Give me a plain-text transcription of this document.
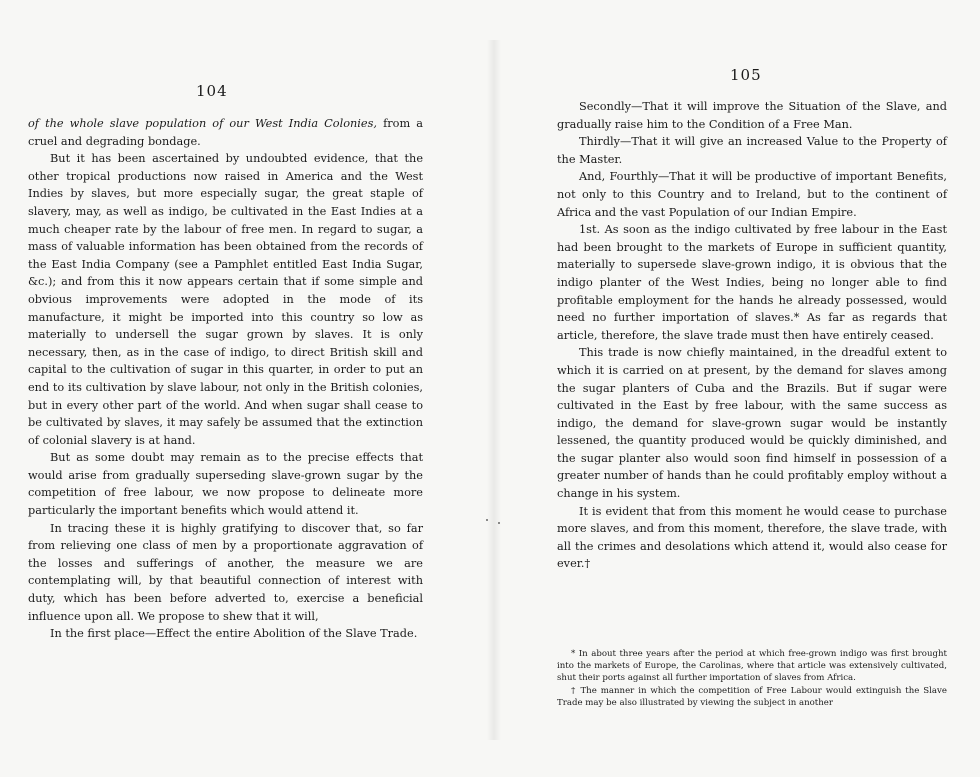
104

of the whole slave population of our West India Colonies, from a cruel and degrading bondage.

But it has been ascertained by undoubted evidence, that the other tropical productions now raised in America and the West Indies by slaves, but more especially sugar, the great staple of slavery, may, as well as indigo, be cultivated in the East Indies at a much cheaper rate by the labour of free men. In regard to sugar, a mass of valuable information has been obtained from the records of the East India Company (see a Pamphlet entitled East India Sugar, &c.); and from this it now appears certain that if some simple and obvious improvements were adopted in the mode of its manufacture, it might be imported into this country so low as materially to undersell the sugar grown by slaves. It is only necessary, then, as in the case of indigo, to direct British skill and capital to the cultivation of sugar in this quarter, in order to put an end to its cultivation by slave labour, not only in the British colonies, but in every other part of the world. And when sugar shall cease to be cultivated by slaves, it may safely be assumed that the extinction of colonial slavery is at hand.

But as some doubt may remain as to the precise effects that would arise from gradually superseding slave-grown sugar by the competition of free labour, we now propose to delineate more particularly the important benefits which would attend it.

In tracing these it is highly gratifying to discover that, so far from relieving one class of men by a proportionate aggravation of the losses and sufferings of another, the measure we are contemplating will, by that beautiful connection of interest with duty, which has been before adverted to, exercise a beneficial influence upon all. We propose to shew that it will,

In the first place—Effect the entire Abolition of the Slave Trade.

105

Secondly—That it will improve the Situation of the Slave, and gradually raise him to the Condition of a Free Man.

Thirdly—That it will give an increased Value to the Property of the Master.

And, Fourthly—That it will be productive of important Benefits, not only to this Country and to Ireland, but to the continent of Africa and the vast Population of our Indian Empire.

1st. As soon as the indigo cultivated by free labour in the East had been brought to the markets of Europe in sufficient quantity, materially to supersede slave-grown indigo, it is obvious that the indigo planter of the West Indies, being no longer able to find profitable employment for the hands he already possessed, would need no further importation of slaves.* As far as regards that article, therefore, the slave trade must then have entirely ceased.

This trade is now chiefly maintained, in the dreadful extent to which it is carried on at present, by the demand for slaves among the sugar planters of Cuba and the Brazils. But if sugar were cultivated in the East by free labour, with the same success as indigo, the demand for slave-grown sugar would be instantly lessened, the quantity produced would be quickly diminished, and the sugar planter also would soon find himself in possession of a greater number of hands than he could profitably employ without a change in his system.

It is evident that from this moment he would cease to purchase more slaves, and from this moment, therefore, the slave trade, with all the crimes and desolations which attend it, would also cease for ever.†

* In about three years after the period at which free-grown indigo was first brought into the markets of Europe, the Carolinas, where that article was extensively cultivated, shut their ports against all further importation of slaves from Africa.

† The manner in which the competition of Free Labour would extinguish the Slave Trade may be also illustrated by viewing the subject in another
